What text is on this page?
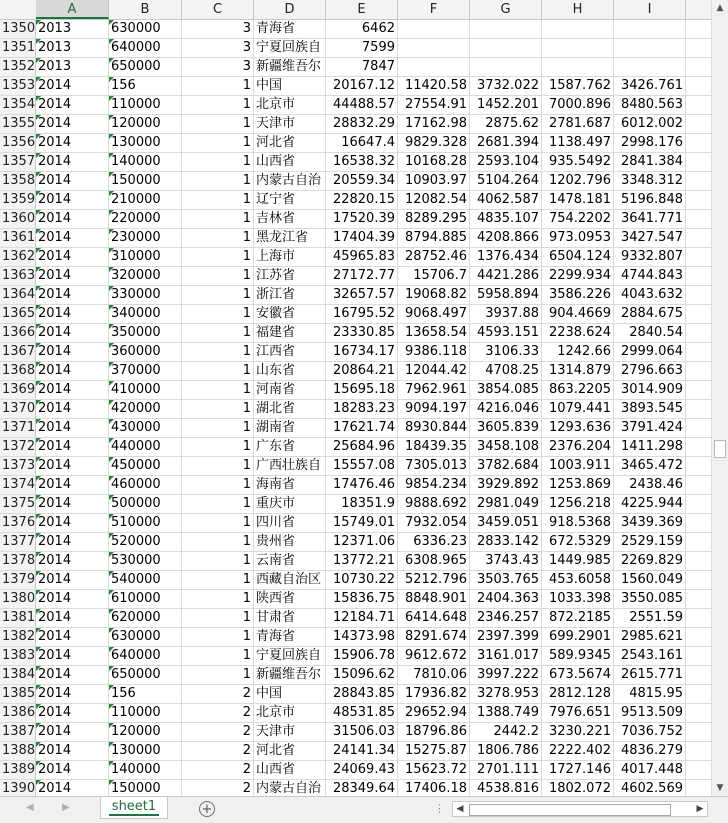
A	B	C	D	E	F	G	H	I
1350 2013	630000	3 青海省	6462
1351 2013	640000	3 宁夏回族自	7599
1352 2013	650000	3 新疆维吾尔	7847
1353 2014	156	1 中国	20167.12 11420.58 3732.022 1587.762 3426.761
1354 2014	110000	1 北京市	44488.57 27554.91 1452.201 7000.896 8480.563
1355 2014	120000	1 天津市	28832.29 17162.98	2875.62 2781.687 6012.002
1356 2014	130000	1 河北省	16647.4 9829.328 2681.394 1138.497 2998.176
1357 2014	140000	1 山西省	16538.32 10168.28 2593.104 935.5492 2841.384
1358 2014	150000	1 内蒙古自治 20559.34 10903.97 5104.264 1202.796 3348.312
1359 2014	210000	1 辽宁省	22820.15 12082.54 4062.587 1478.181 5196.848
1360 2014	220000	1 吉林省	17520.39 8289.295 4835.107 754.2202 3641.771
1361 2014	230000	1 黑龙江省	17404.39 8794.885 4208.866 973.0953 3427.547
1362 2014	310000	1 上海市	45965.83 28752.46 1376.434 6504.124 9332.807
1363 2014	320000	1 江苏省	27172.77	15706.7 4421.286 2299.934 4744.843
1364 2014	330000	1 浙江省	32657.57 19068.82 5958.894 3586.226 4043.632
1365 2014	340000	1 安徽省	16795.52 9068.497	3937.88 904.4669 2884.675
1366 2014	350000	1 福建省	23330.85 13658.54 4593.151 2238.624	2840.54
1367 2014	360000	1 江西省	16734.17 9386.118	3106.33	1242.66 2999.064
1368 2014	370000	1 山东省	20864.21 12044.42	4708.25 1314.879 2796.663
1369 2014	410000	1 河南省	15695.18 7962.961 3854.085 863.2205 3014.909
1370 2014	420000	1 湖北省	18283.23 9094.197 4216.046 1079.441 3893.545
1371 2014	430000	1 湖南省	17621.74 8930.844 3605.839 1293.636 3791.424
1372 2014	440000	1 广东省	25684.96 18439.35 3458.108 2376.204 1411.298
1373 2014	450000	1 广西壮族自 15557.08 7305.013 3782.684 1003.911 3465.472
1374 2014	460000	1 海南省	17476.46 9854.234 3929.892 1253.869	2438.46
1375 2014	500000	1 重庆市	18351.9 9888.692 2981.049 1256.218 4225.944
1376 2014	510000	1 四川省	15749.01 7932.054 3459.051 918.5368 3439.369
1377 2014	520000	1 贵州省	12371.06	6336.23 2833.142 672.5329 2529.159
1378 2014	530000	1 云南省	13772.21 6308.965	3743.43 1449.985 2269.829
1379 2014	540000	1 西藏自治区 10730.22 5212.796 3503.765 453.6058 1560.049
1380 2014	610000	1 陕西省	15836.75 8848.901 2404.363 1033.398 3550.085
1381 2014	620000	1 甘肃省	12184.71 6414.648 2346.257 872.2185	2551.59
1382 2014	630000	1 青海省	14373.98 8291.674 2397.399 699.2901 2985.621
1383 2014	640000	1 宁夏回族自 15906.78 9612.672 3161.017 589.9345 2543.161
1384 2014	650000	1 新疆维吾尔 15096.62	7810.06 3997.222 673.5674 2615.771
1385 2014	156	2 中国	28843.85 17936.82 3278.953 2812.128	4815.95
1386 2014	110000	2 北京市	48531.85 29652.94 1388.749 7976.651 9513.509
1387 2014	120000	2 天津市	31506.03 18796.86	2442.2 3230.221 7036.752
1388 2014	130000	2 河北省	24141.34 15275.87 1806.786 2222.402 4836.279
1389 2014	140000	2 山西省	24069.43 15623.72 2701.111 1727.146 4017.448
1390 2014	150000	2 内蒙古自治 28349.64 17406.18 4538.816 1802.072 4602.569
▲
▼
◀	▶	sheet1	+	⋮	◀	▶
